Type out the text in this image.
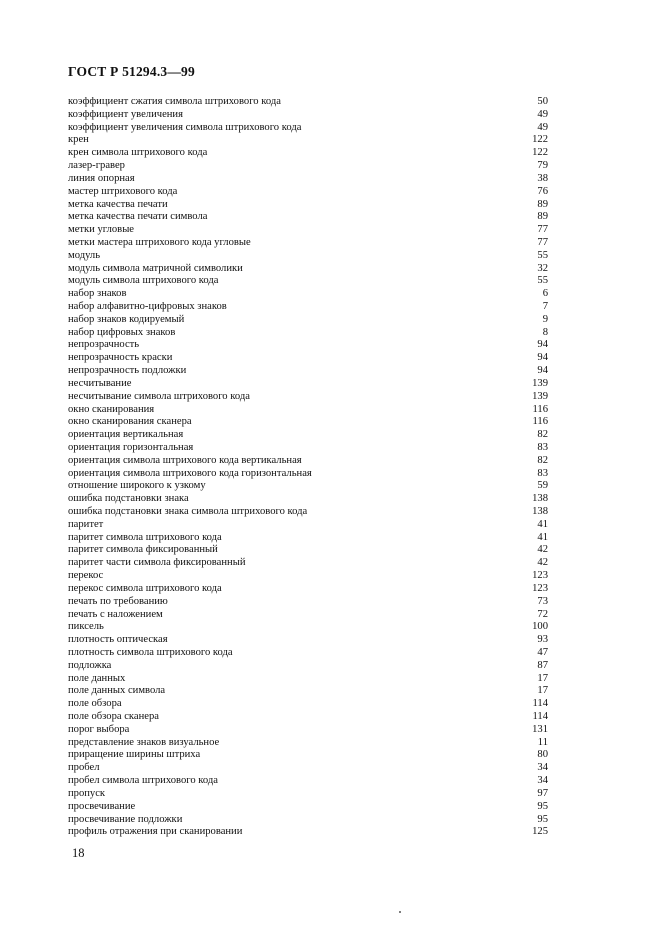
ГОСТ Р 51294.3—99
коэффициент сжатия символа штрихового кода	50
коэффициент увеличения	49
коэффициент увеличения символа штрихового кода	49
крен	122
крен символа штрихового кода	122
лазер-гравер	79
линия опорная	38
мастер штрихового кода	76
метка качества печати	89
метка качества печати символа	89
метки угловые	77
метки мастера штрихового кода угловые	77
модуль	55
модуль символа матричной символики	32
модуль символа штрихового кода	55
набор знаков	6
набор алфавитно-цифровых знаков	7
набор знаков кодируемый	9
набор цифровых знаков	8
непрозрачность	94
непрозрачность краски	94
непрозрачность подложки	94
несчитывание	139
несчитывание символа штрихового кода	139
окно сканирования	116
окно сканирования сканера	116
ориентация вертикальная	82
ориентация горизонтальная	83
ориентация символа штрихового кода вертикальная	82
ориентация символа штрихового кода горизонтальная	83
отношение широкого к узкому	59
ошибка подстановки знака	138
ошибка подстановки знака символа штрихового кода	138
паритет	41
паритет символа штрихового кода	41
паритет символа фиксированный	42
паритет части символа фиксированный	42
перекос	123
перекос символа штрихового кода	123
печать по требованию	73
печать с наложением	72
пиксель	100
плотность оптическая	93
плотность символа штрихового кода	47
подложка	87
поле данных	17
поле данных символа	17
поле обзора	114
поле обзора сканера	114
порог выбора	131
представление знаков визуальное	11
приращение ширины штриха	80
пробел	34
пробел символа штрихового кода	34
пропуск	97
просвечивание	95
просвечивание подложки	95
профиль отражения при сканировании	125
18
